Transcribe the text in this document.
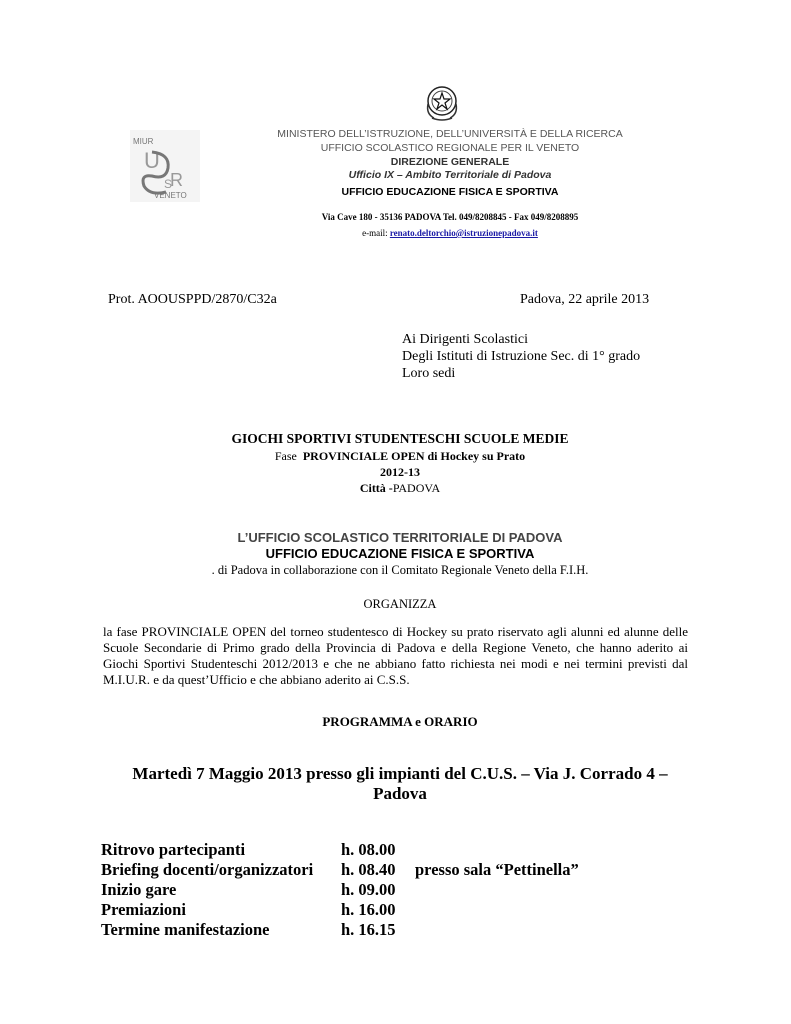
MIUR
U
S
R
VENETO
MINISTERO DELL’ISTRUZIONE, DELL’UNIVERSITÀ E DELLA RICERCA
UFFICIO SCOLASTICO REGIONALE PER IL VENETO
DIREZIONE GENERALE
Ufficio IX – Ambito Territoriale di Padova
UFFICIO EDUCAZIONE FISICA E SPORTIVA
Via Cave 180 - 35136 PADOVA Tel. 049/8208845 - Fax 049/8208895
e-mail: renato.deltorchio@istruzionepadova.it
Prot. AOOUSPPD/2870/C32a	Padova, 22 aprile 2013
Ai Dirigenti Scolastici
Degli Istituti di Istruzione Sec. di 1° grado
Loro sedi
GIOCHI SPORTIVI STUDENTESCHI SCUOLE MEDIE
Fase PROVINCIALE OPEN di Hockey su Prato
2012-13
Città -PADOVA
L’UFFICIO SCOLASTICO TERRITORIALE DI PADOVA
UFFICIO EDUCAZIONE FISICA E SPORTIVA
. di Padova in collaborazione con il Comitato Regionale Veneto della F.I.H.
ORGANIZZA
la fase PROVINCIALE OPEN del torneo studentesco di Hockey su prato riservato agli alunni ed alunne delle Scuole Secondarie di Primo grado della Provincia di Padova e della Regione Veneto, che hanno aderito ai Giochi Sportivi Studenteschi 2012/2013 e che ne abbiano fatto richiesta nei modi e nei termini previsti dal M.I.U.R. e da quest’Ufficio e che abbiano aderito ai C.S.S.
PROGRAMMA e ORARIO
Martedì 7 Maggio 2013 presso gli impianti del C.U.S. – Via J. Corrado 4 –
Padova
Ritrovo partecipanti	h. 08.00	
Briefing docenti/organizzatori	h. 08.40	presso sala “Pettinella”
Inizio gare	h. 09.00	
Premiazioni	h. 16.00	
Termine manifestazione	h. 16.15	
